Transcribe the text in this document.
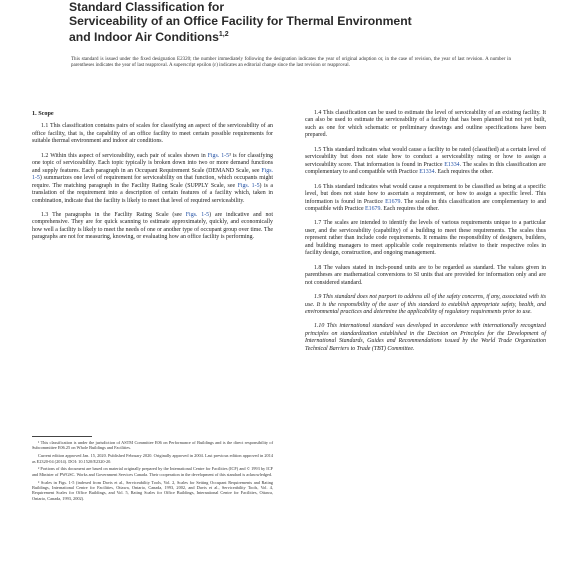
Standard Classification for
Serviceability of an Office Facility for Thermal Environment
and Indoor Air Conditions$^{1,2}$
This standard is issued under the fixed designation E2320; the number immediately following the designation indicates the year of original adoption or, in the case of revision, the year of last revision. A number in parentheses indicates the year of last reapproval. A superscript epsilon (ε) indicates an editorial change since the last revision or reapproval.
1. Scope

1.1 This classification contains pairs of scales for classifying an aspect of the serviceability of an office facility, that is, the capability of an office facility to meet certain possible requirements for suitable thermal environment and indoor air conditions.

1.2 Within this aspect of serviceability, each pair of scales shown in Figs. 1-5³ is for classifying one topic of serviceability. Each topic typically is broken down into two or more demand functions and supply features. Each paragraph in an Occupant Requirement Scale (DEMAND Scale, see Figs. 1-5) summarizes one level of requirement for serviceability on that function, which occupants might require. The matching paragraph in the Facility Rating Scale (SUPPLY Scale, see Figs. 1-5) is a translation of the requirement into a description of certain features of a facility which, taken in combination, indicate that the facility is likely to meet that level of required serviceability.

1.3 The paragraphs in the Facility Rating Scale (see Figs. 1-5) are indicative and not comprehensive. They are for quick scanning to estimate approximately, quickly, and economically how well a facility is likely to meet the needs of one or another type of occupant group over time. The paragraphs are not for measuring, knowing, or evaluating how an office facility is performing.

1.4 This classification can be used to estimate the level of serviceability of an existing facility. It can also be used to estimate the serviceability of a facility that has been planned but not yet built, such as one for which schematic or preliminary drawings and outline specifications have been prepared.

1.5 This standard indicates what would cause a facility to be rated (classified) at a certain level of serviceability but does not state how to conduct a serviceability rating or how to assign a serviceability score. That information is found in Practice E1334. The scales in this classification are complementary to and compatible with Practice E1334. Each requires the other.

1.6 This standard indicates what would cause a requirement to be classified as being at a specific level, but does not state how to ascertain a requirement, or how to assign a specific level. This information is found in Practice E1679. The scales in this classification are complementary to and compatible with Practice E1679. Each requires the other.

1.7 The scales are intended to identify the levels of various requirements unique to a particular user, and the serviceability (capability) of a building to meet these requirements. The scales thus represent rather than include code requirements. It remains the responsibility of designers, builders, and building managers to meet applicable code requirements relative to their respective roles in facility design, construction, and ongoing management.

1.8 The values stated in inch-pound units are to be regarded as standard. The values given in parentheses are mathematical conversions to SI units that are provided for information only and are not considered standard.

1.9 This standard does not purport to address all of the safety concerns, if any, associated with its use. It is the responsibility of the user of this standard to establish appropriate safety, health, and environmental practices and determine the applicability of regulatory requirements prior to use.

1.10 This international standard was developed in accordance with internationally recognized principles on standardization established in the Decision on Principles for the Development of International Standards, Guides and Recommendations issued by the World Trade Organization Technical Barriers to Trade (TBT) Committee.

¹ This classification is under the jurisdiction of ASTM Committee E06 on Performance of Buildings and is the direct responsibility of Subcommittee E06.25 on Whole Buildings and Facilities.
Current edition approved Jan. 15, 2020. Published February 2020. Originally approved in 2004. Last previous edition approved in 2014 as E2320-04 (2014). DOI: 10.1520/E2320-20.
² Portions of this document are based on material originally prepared by the International Centre for Facilities (ICF) and © 1993 by ICF and Minister of PWGSC. Works and Government Services Canada. Their cooperation in the development of this standard is acknowledged.
³ Scales in Figs. 1-5 (indexed from Davis et al., Serviceability Tools, Vol. 2, Scales for Setting Occupant Requirements and Rating Buildings, International Centre for Facilities, Ottawa, Ontario, Canada, 1993, 2002, and Davis et al., Serviceability Tools, Vol. 4, Requirement Scales for Office Buildings, and Vol. 5, Rating Scales for Office Buildings, International Centre for Facilities, Ottawa, Ontario, Canada, 1993, 2002).
